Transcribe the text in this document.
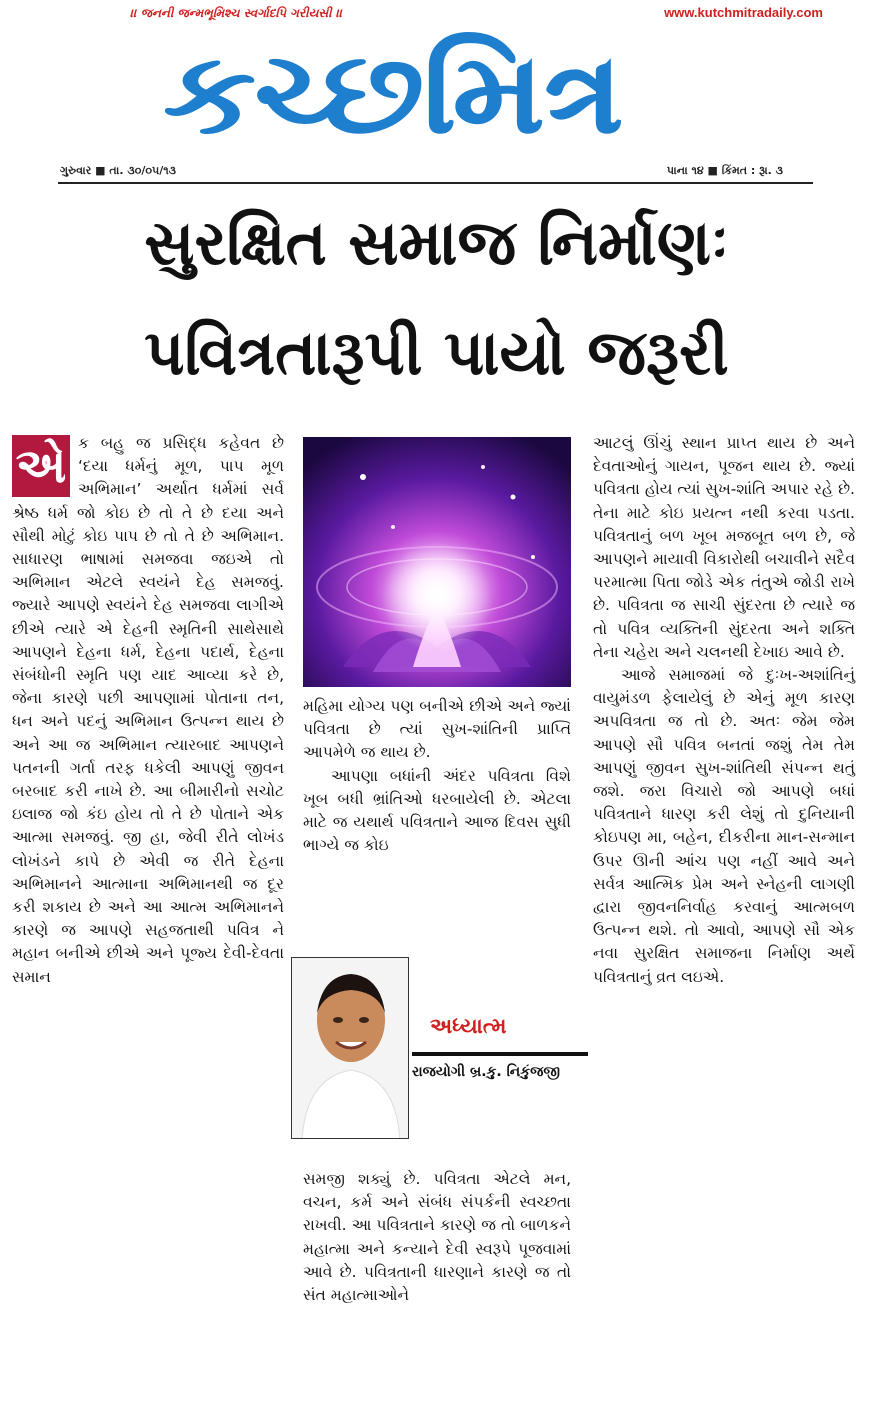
।। જનની જન્મભૂમિશ્ચ સ્વર્ગાદપિ ગરીયસી ।।	www.kutchmitradaily.com
કચ્છમિત્ર
ગુરુવાર ■ તા. ૩૦/૦૫/૧૩	પાના ૧૪ ■ કિંમત : રૂા. ૩
સુરક્ષિત સમાજ નિર્માણઃ
પવિત્રતારૂપી પાયો જરૂરી
એ ક બહુ જ પ્રસિદ્ધ કહેવત છે ‘દયા ધર્મનું મૂળ, પાપ મૂળ અભિમાન’ અર્થાત ધર્મમાં સર્વ શ્રેષ્ઠ ધર્મ જો કોઇ છે તો તે છે દયા અને સૌથી મોટું કોઇ પાપ છે તો તે છે અભિમાન. સાધારણ ભાષામાં સમજવા જઇએ તો અભિમાન એટલે સ્વયંને દેહ સમજવું. જ્યારે આપણે સ્વયંને દેહ સમજવા લાગીએ છીએ ત્યારે એ દેહની સ્મૃતિની સાથેસાથે આપણને દેહના ધર્મ, દેહના પદાર્થ, દેહના સંબંધોની સ્મૃતિ પણ યાદ આવ્યા કરે છે, જેના કારણે પછી આપણામાં પોતાના તન, ધન અને પદનું અભિમાન ઉત્પન્ન થાય છે અને આ જ અભિમાન ત્યારબાદ આપણને પતનની ગર્તા તરફ ધકેલી આપણું જીવન બરબાદ કરી નાખે છે. આ બીમારીનો સચોટ ઇલાજ જો કંઇ હોય તો તે છે પોતાને એક આત્મા સમજવું. જી હા, જેવી રીતે લોખંડ લોખંડને કાપે છે એવી જ રીતે દેહના અભિમાનને આત્માના અભિમાનથી જ દૂર કરી શકાય છે અને આ આત્મ અભિમાનને કારણે જ આપણે સહજતાથી પવિત્ર ને મહાન બનીએ છીએ અને પૂજ્ય દેવી-દેવતા સમાન

મહિમા યોગ્ય પણ બનીએ છીએ અને જ્યાં પવિત્રતા છે ત્યાં સુખ-શાંતિની પ્રાપ્તિ આપમેળે જ થાય છે.

આપણા બધાંની અંદર પવિત્રતા વિશે ખૂબ બધી ભ્રાંતિઓ ધરબાયેલી છે. એટલા માટે જ યથાર્થ પવિત્રતાને આજ દિવસ સુધી ભાગ્યે જ કોઇ

અધ્યાત્મ
રાજયોગી બ્ર.કુ. નિકુંજજી

સમજી શક્યું છે. પવિત્રતા એટલે મન, વચન, કર્મ અને સંબંધ સંપર્કની સ્વચ્છતા રાખવી. આ પવિત્રતાને કારણે જ તો બાળકને મહાત્મા અને કન્યાને દેવી સ્વરૂપે પૂજવામાં આવે છે. પવિત્રતાની ધારણાને કારણે જ તો સંત મહાત્માઓને

આટલું ઊંચું સ્થાન પ્રાપ્ત થાય છે અને દેવતાઓનું ગાયન, પૂજન થાય છે. જ્યાં પવિત્રતા હોય ત્યાં સુખ-શાંતિ અપાર રહે છે. તેના માટે કોઇ પ્રયત્ન નથી કરવા પડતા. પવિત્રતાનું બળ ખૂબ મજબૂત બળ છે, જે આપણને માયાવી વિકારોથી બચાવીને સદૈવ પરમાત્મા પિતા જોડે એક તંતુએ જોડી રાખે છે. પવિત્રતા જ સાચી સુંદરતા છે ત્યારે જ તો પવિત્ર વ્યક્તિની સુંદરતા અને શક્તિ તેના ચહેરા અને ચલનથી દેખાઇ આવે છે.

આજે સમાજમાં જે દુઃખ-અશાંતિનું વાયુમંડળ ફેલાયેલું છે એનું મૂળ કારણ અપવિત્રતા જ તો છે. અતઃ જેમ જેમ આપણે સૌ પવિત્ર બનતાં જશું તેમ તેમ આપણું જીવન સુખ-શાંતિથી સંપન્ન થતું જશે. જરા વિચારો જો આપણે બધાં પવિત્રતાને ધારણ કરી લેશું તો દુનિયાની કોઇપણ મા, બહેન, દીકરીના માન-સન્માન ઉપર ઊની આંચ પણ નહીં આવે અને સર્વત્ર આત્મિક પ્રેમ અને સ્નેહની લાગણી દ્વારા જીવનનિર્વાહ કરવાનું આત્મબળ ઉત્પન્ન થશે. તો આવો, આપણે સૌ એક નવા સુરક્ષિત સમાજના નિર્માણ અર્થે પવિત્રતાનું વ્રત લઇએ.
